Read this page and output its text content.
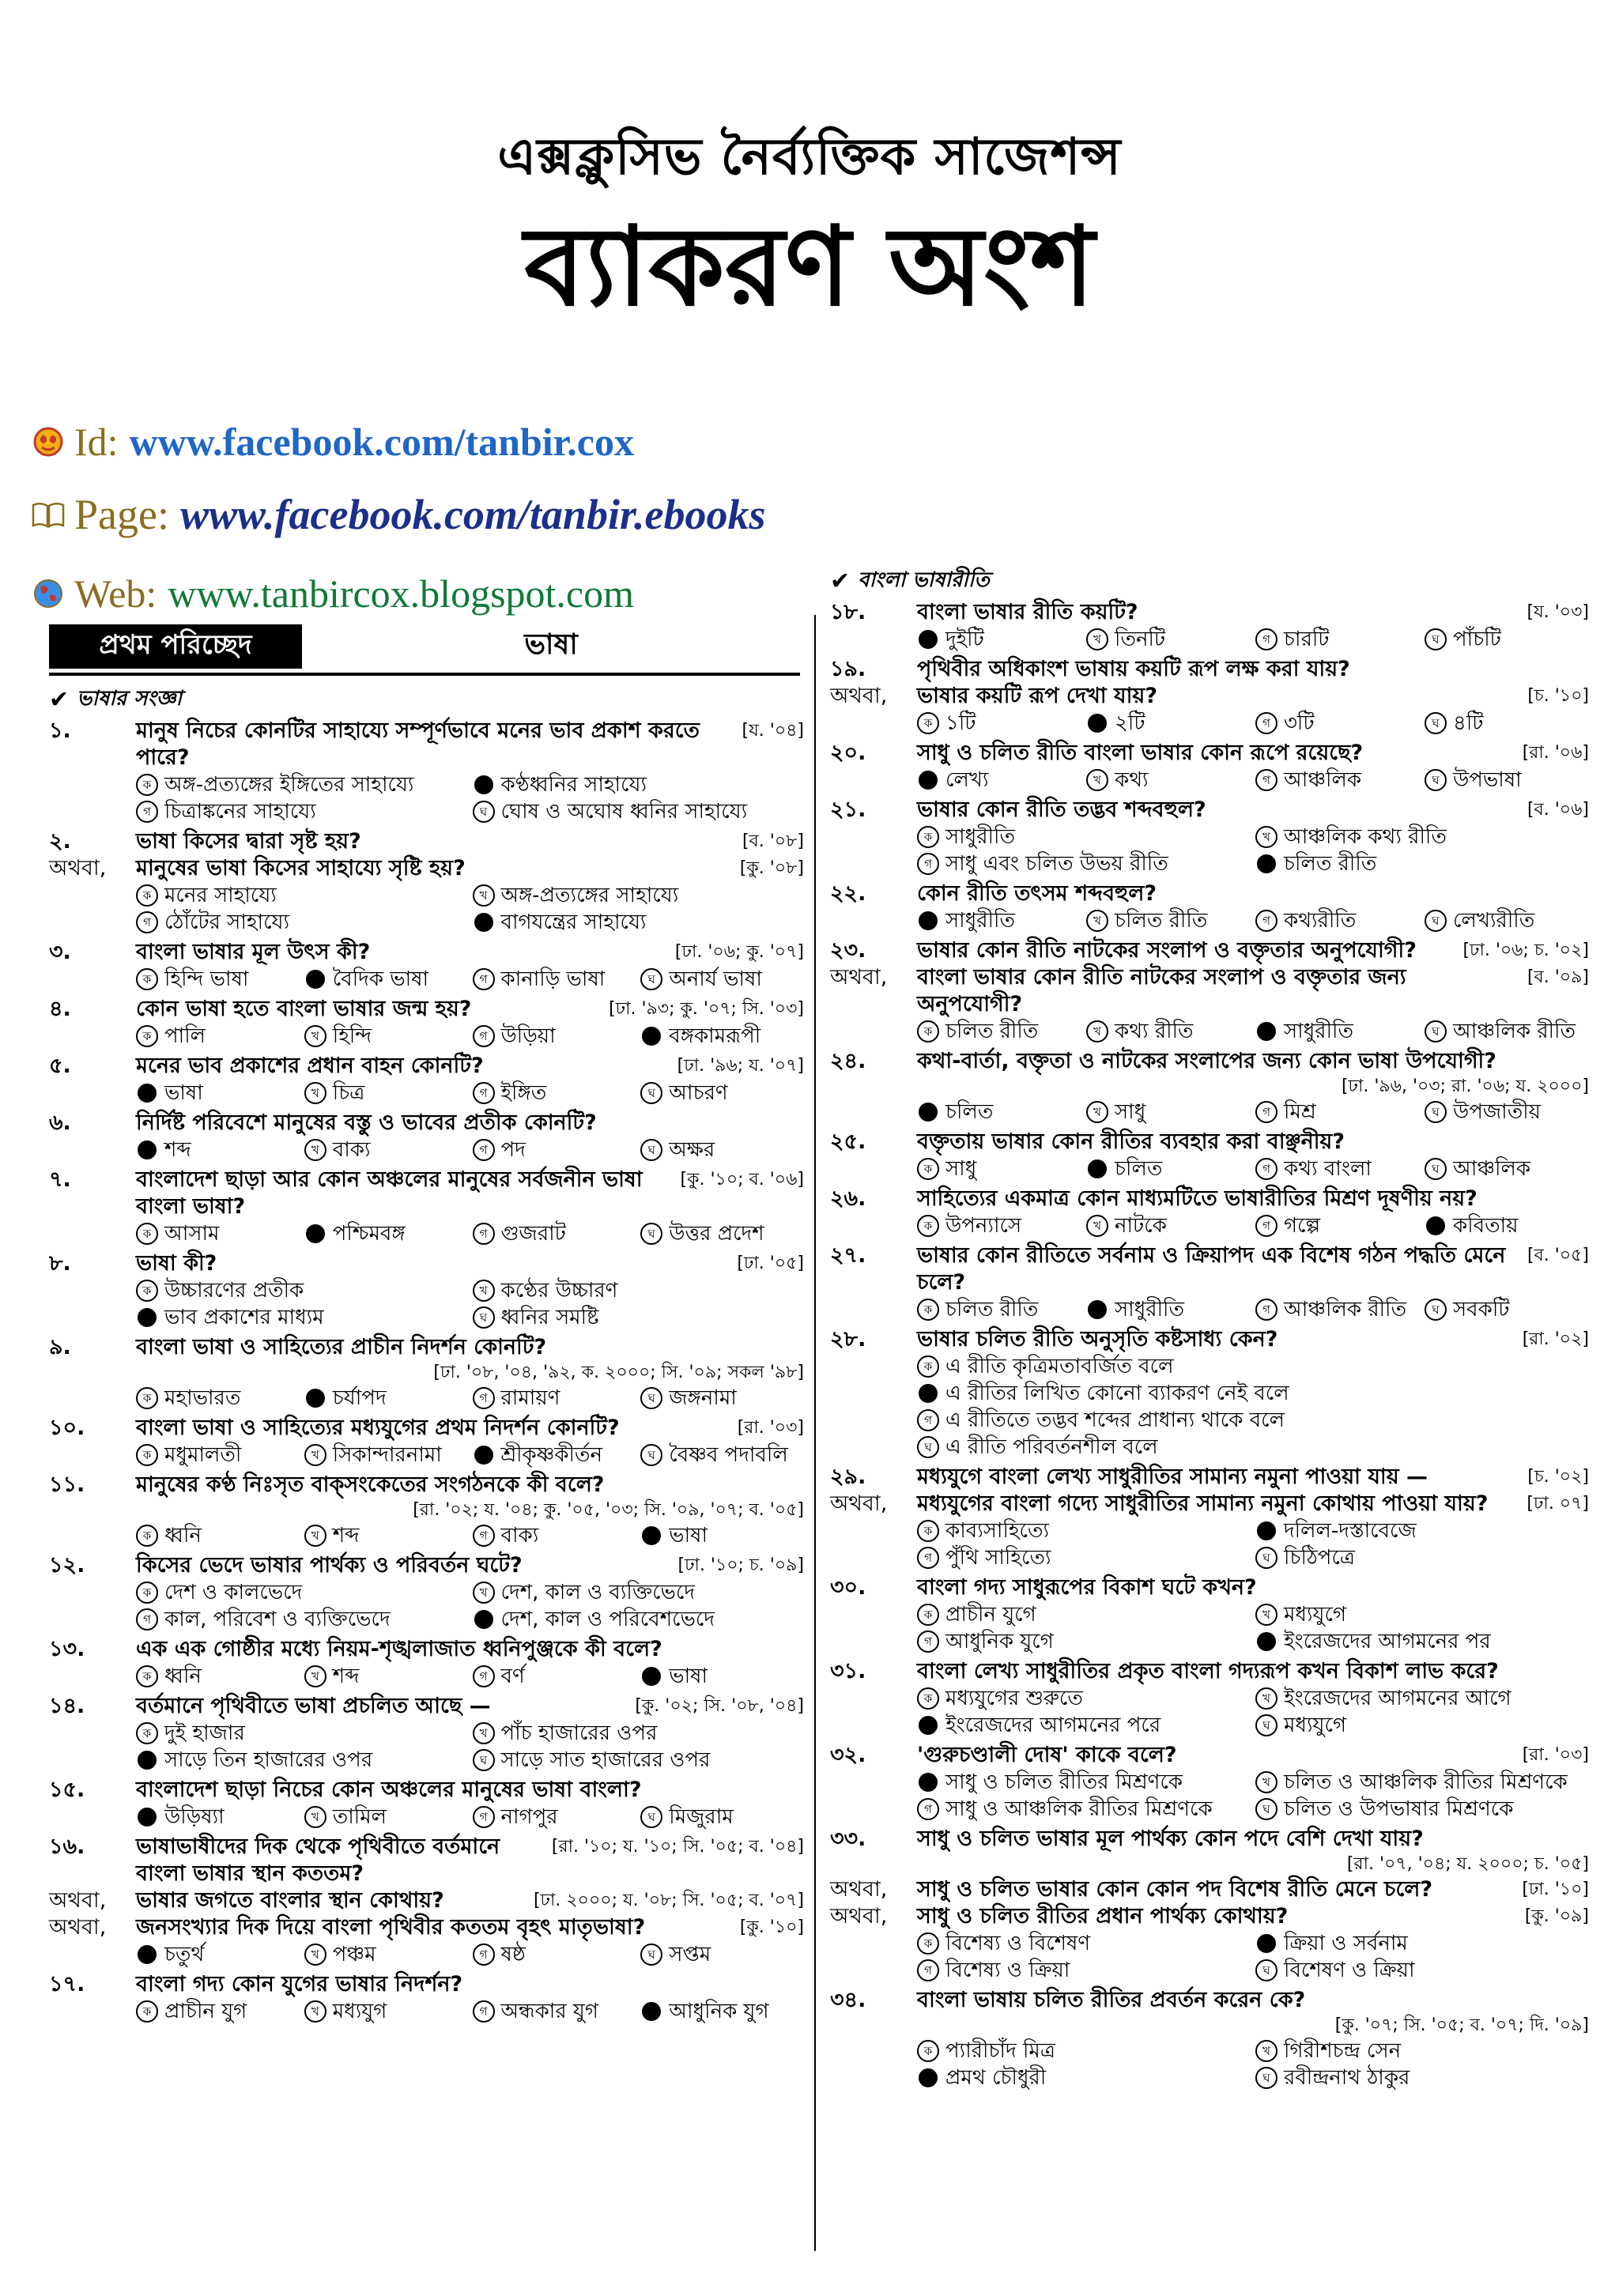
এক্সক্লুসিভ নৈর্ব্যক্তিক সাজেশন্স
ব্যাকরণ অংশ
Id: www.facebook.com/tanbir.cox
Page: www.facebook.com/tanbir.ebooks
Web: www.tanbircox.blogspot.com
প্রথম পরিচ্ছেদ	ভাষা
✔ ভাষার সংজ্ঞা
১.	মানুষ নিচের কোনটির সাহায্যে সম্পূর্ণভাবে মনের ভাব প্রকাশ করতে পারে?
[য. '০৪]
ক অঙ্গ-প্রত্যঙ্গের ইঙ্গিতের সাহায্যে	● কণ্ঠধ্বনির সাহায্যে
গ চিত্রাঙ্কনের সাহায্যে	ঘ ঘোষ ও অঘোষ ধ্বনির সাহায্যে
২.	ভাষা কিসের দ্বারা সৃষ্ট হয়?	[ব. '০৮]
অথবা,	মানুষের ভাষা কিসের সাহায্যে সৃষ্টি হয়?	[কু. '০৮]
ক মনের সাহায্যে	খ অঙ্গ-প্রত্যঙ্গের সাহায্যে
গ ঠোঁটের সাহায্যে	● বাগযন্ত্রের সাহায্যে
৩.	বাংলা ভাষার মূল উৎস কী?	[ঢা. '০৬; কু. '০৭]
ক হিন্দি ভাষা	● বৈদিক ভাষা	গ কানাড়ি ভাষা	ঘ অনার্য ভাষা
৪.	কোন ভাষা হতে বাংলা ভাষার জন্ম হয়?	[ঢা. '৯৩; কু. '০৭; সি. '০৩]
ক পালি	খ হিন্দি	গ উড়িয়া	● বঙ্গকামরূপী
৫.	মনের ভাব প্রকাশের প্রধান বাহন কোনটি?	[ঢা. '৯৬; য. '০৭]
● ভাষা	খ চিত্র	গ ইঙ্গিত	ঘ আচরণ
৬.	নির্দিষ্ট পরিবেশে মানুষের বস্তু ও ভাবের প্রতীক কোনটি?
● শব্দ	খ বাক্য	গ পদ	ঘ অক্ষর
৭.	বাংলাদেশ ছাড়া আর কোন অঞ্চলের মানুষের সর্বজনীন ভাষা বাংলা ভাষা?
[কু. '১০; ব. '০৬]
ক আসাম	● পশ্চিমবঙ্গ	গ গুজরাট	ঘ উত্তর প্রদেশ
৮.	ভাষা কী?	[ঢা. '০৫]
ক উচ্চারণের প্রতীক	খ কণ্ঠের উচ্চারণ
● ভাব প্রকাশের মাধ্যম	ঘ ধ্বনির সমষ্টি
৯.	বাংলা ভাষা ও সাহিত্যের প্রাচীন নিদর্শন কোনটি?
[ঢা. '০৮, '০৪, '৯২, ক. ২০০০; সি. '০৯; সকল '৯৮]
ক মহাভারত	● চর্যাপদ	গ রামায়ণ	ঘ জঙ্গনামা
১০.	বাংলা ভাষা ও সাহিত্যের মধ্যযুগের প্রথম নিদর্শন কোনটি?	[রা. '০৩]
ক মধুমালতী	খ সিকান্দারনামা	● শ্রীকৃষ্ণকীর্তন	ঘ বৈষ্ণব পদাবলি
১১.	মানুষের কণ্ঠ নিঃসৃত বাক্‌সংকেতের সংগঠনকে কী বলে?
[রা. '০২; য. '০৪; কু. '০৫, '০৩; সি. '০৯, '০৭; ব. '০৫]
ক ধ্বনি	খ শব্দ	গ বাক্য	● ভাষা
১২.	কিসের ভেদে ভাষার পার্থক্য ও পরিবর্তন ঘটে?	[ঢা. '১০; চ. '০৯]
ক দেশ ও কালভেদে	খ দেশ, কাল ও ব্যক্তিভেদে
গ কাল, পরিবেশ ও ব্যক্তিভেদে	● দেশ, কাল ও পরিবেশভেদে
১৩.	এক এক গোষ্ঠীর মধ্যে নিয়ম-শৃঙ্খলাজাত ধ্বনিপুঞ্জকে কী বলে?
ক ধ্বনি	খ শব্দ	গ বর্ণ	● ভাষা
১৪.	বর্তমানে পৃথিবীতে ভাষা প্রচলিত আছে —	[কু. '০২; সি. '০৮, '০৪]
ক দুই হাজার	খ পাঁচ হাজারের ওপর
● সাড়ে তিন হাজারের ওপর	ঘ সাড়ে সাত হাজারের ওপর
১৫.	বাংলাদেশ ছাড়া নিচের কোন অঞ্চলের মানুষের ভাষা বাংলা?
● উড়িষ্যা	খ তামিল	গ নাগপুর	ঘ মিজুরাম
১৬.	ভাষাভাষীদের দিক থেকে পৃথিবীতে বর্তমানে বাংলা ভাষার স্থান কততম?
[রা. '১০; য. '১০; সি. '০৫; ব. '০৪]
অথবা,	ভাষার জগতে বাংলার স্থান কোথায়?	[ঢা. ২০০০; য. '০৮; সি. '০৫; ব. '০৭]
অথবা,	জনসংখ্যার দিক দিয়ে বাংলা পৃথিবীর কততম বৃহৎ মাতৃভাষা?	[কু. '১০]
● চতুর্থ	খ পঞ্চম	গ ষষ্ঠ	ঘ সপ্তম
১৭.	বাংলা গদ্য কোন যুগের ভাষার নিদর্শন?
ক প্রাচীন যুগ	খ মধ্যযুগ	গ অন্ধকার যুগ	● আধুনিক যুগ
✔ বাংলা ভাষারীতি
১৮.	বাংলা ভাষার রীতি কয়টি?	[য. '০৩]
● দুইটি	খ তিনটি	গ চারটি	ঘ পাঁচটি
১৯.	পৃথিবীর অধিকাংশ ভাষায় কয়টি রূপ লক্ষ করা যায়?
অথবা,	ভাষার কয়টি রূপ দেখা যায়?	[চ. '১০]
ক ১টি	● ২টি	গ ৩টি	ঘ ৪টি
২০.	সাধু ও চলিত রীতি বাংলা ভাষার কোন রূপে রয়েছে?	[রা. '০৬]
● লেখ্য	খ কথ্য	গ আঞ্চলিক	ঘ উপভাষা
২১.	ভাষার কোন রীতি তদ্ভব শব্দবহুল?	[ব. '০৬]
ক সাধুরীতি	খ আঞ্চলিক কথ্য রীতি
গ সাধু এবং চলিত উভয় রীতি	● চলিত রীতি
২২.	কোন রীতি তৎসম শব্দবহুল?
● সাধুরীতি	খ চলিত রীতি	গ কথ্যরীতি	ঘ লেখ্যরীতি
২৩.	ভাষার কোন রীতি নাটকের সংলাপ ও বক্তৃতার অনুপযোগী?	[ঢা. '০৬; চ. '০২]
অথবা,	বাংলা ভাষার কোন রীতি নাটকের সংলাপ ও বক্তৃতার জন্য অনুপযোগী?
[ব. '০৯]
ক চলিত রীতি	খ কথ্য রীতি	● সাধুরীতি	ঘ আঞ্চলিক রীতি
২৪.	কথা-বার্তা, বক্তৃতা ও নাটকের সংলাপের জন্য কোন ভাষা উপযোগী?
[ঢা. '৯৬, '০৩; রা. '০৬; য. ২০০০]
● চলিত	খ সাধু	গ মিশ্র	ঘ উপজাতীয়
২৫.	বক্তৃতায় ভাষার কোন রীতির ব্যবহার করা বাঞ্ছনীয়?
ক সাধু	● চলিত	গ কথ্য বাংলা	ঘ আঞ্চলিক
২৬.	সাহিত্যের একমাত্র কোন মাধ্যমটিতে ভাষারীতির মিশ্রণ দূষণীয় নয়?
ক উপন্যাসে	খ নাটকে	গ গল্পে	● কবিতায়
২৭.	ভাষার কোন রীতিতে সর্বনাম ও ক্রিয়াপদ এক বিশেষ গঠন পদ্ধতি মেনে চলে?
[ব. '০৫]
ক চলিত রীতি	● সাধুরীতি	গ আঞ্চলিক রীতি	ঘ সবকটি
২৮.	ভাষার চলিত রীতি অনুসৃতি কষ্টসাধ্য কেন?	[রা. '০২]
ক এ রীতি কৃত্রিমতাবর্জিত বলে
● এ রীতির লিখিত কোনো ব্যাকরণ নেই বলে
গ এ রীতিতে তদ্ভব শব্দের প্রাধান্য থাকে বলে
ঘ এ রীতি পরিবর্তনশীল বলে
২৯.	মধ্যযুগে বাংলা লেখ্য সাধুরীতির সামান্য নমুনা পাওয়া যায় —	[চ. '০২]
অথবা,	মধ্যযুগের বাংলা গদ্যে সাধুরীতির সামান্য নমুনা কোথায় পাওয়া যায়?	[ঢা. ০৭]
ক কাব্যসাহিত্যে	● দলিল-দস্তাবেজে
গ পুঁথি সাহিত্যে	ঘ চিঠিপত্রে
৩০.	বাংলা গদ্য সাধুরূপের বিকাশ ঘটে কখন?
ক প্রাচীন যুগে	খ মধ্যযুগে
গ আধুনিক যুগে	● ইংরেজদের আগমনের পর
৩১.	বাংলা লেখ্য সাধুরীতির প্রকৃত বাংলা গদ্যরূপ কখন বিকাশ লাভ করে?
ক মধ্যযুগের শুরুতে	খ ইংরেজদের আগমনের আগে
● ইংরেজদের আগমনের পরে	ঘ মধ্যযুগে
৩২.	'গুরুচণ্ডালী দোষ' কাকে বলে?	[রা. '০৩]
● সাধু ও চলিত রীতির মিশ্রণকে	খ চলিত ও আঞ্চলিক রীতির মিশ্রণকে
গ সাধু ও আঞ্চলিক রীতির মিশ্রণকে	ঘ চলিত ও উপভাষার মিশ্রণকে
৩৩.	সাধু ও চলিত ভাষার মূল পার্থক্য কোন পদে বেশি দেখা যায়?
[রা. '০৭, '০৪; য. ২০০০; চ. '০৫]
অথবা,	সাধু ও চলিত ভাষার কোন কোন পদ বিশেষ রীতি মেনে চলে?	[ঢা. '১০]
অথবা,	সাধু ও চলিত রীতির প্রধান পার্থক্য কোথায়?	[কু. '০৯]
ক বিশেষ্য ও বিশেষণ	● ক্রিয়া ও সর্বনাম
গ বিশেষ্য ও ক্রিয়া	ঘ বিশেষণ ও ক্রিয়া
৩৪.	বাংলা ভাষায় চলিত রীতির প্রবর্তন করেন কে?
[কু. '০৭; সি. '০৫; ব. '০৭; দি. '০৯]
ক প্যারীচাঁদ মিত্র	খ গিরীশচন্দ্র সেন
● প্রমথ চৌধুরী	ঘ রবীন্দ্রনাথ ঠাকুর
